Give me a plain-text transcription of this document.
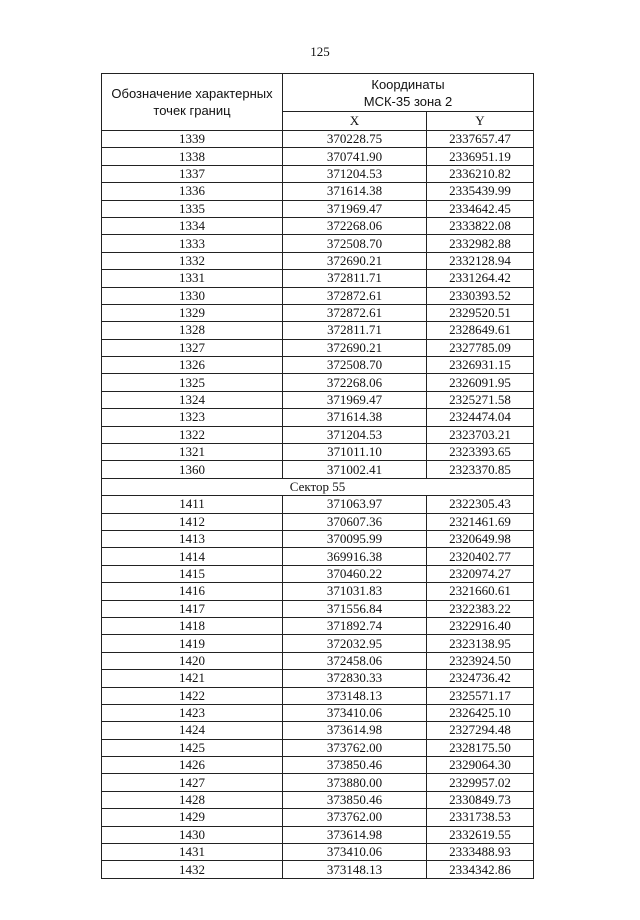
125
Обозначение характерных точек границ	Координаты
МСК-35 зона 2	
	X	Y
1339	370228.75	2337657.47
1338	370741.90	2336951.19
1337	371204.53	2336210.82
1336	371614.38	2335439.99
1335	371969.47	2334642.45
1334	372268.06	2333822.08
1333	372508.70	2332982.88
1332	372690.21	2332128.94
1331	372811.71	2331264.42
1330	372872.61	2330393.52
1329	372872.61	2329520.51
1328	372811.71	2328649.61
1327	372690.21	2327785.09
1326	372508.70	2326931.15
1325	372268.06	2326091.95
1324	371969.47	2325271.58
1323	371614.38	2324474.04
1322	371204.53	2323703.21
1321	371011.10	2323393.65
1360	371002.41	2323370.85
Сектор 55		
1411	371063.97	2322305.43
1412	370607.36	2321461.69
1413	370095.99	2320649.98
1414	369916.38	2320402.77
1415	370460.22	2320974.27
1416	371031.83	2321660.61
1417	371556.84	2322383.22
1418	371892.74	2322916.40
1419	372032.95	2323138.95
1420	372458.06	2323924.50
1421	372830.33	2324736.42
1422	373148.13	2325571.17
1423	373410.06	2326425.10
1424	373614.98	2327294.48
1425	373762.00	2328175.50
1426	373850.46	2329064.30
1427	373880.00	2329957.02
1428	373850.46	2330849.73
1429	373762.00	2331738.53
1430	373614.98	2332619.55
1431	373410.06	2333488.93
1432	373148.13	2334342.86
